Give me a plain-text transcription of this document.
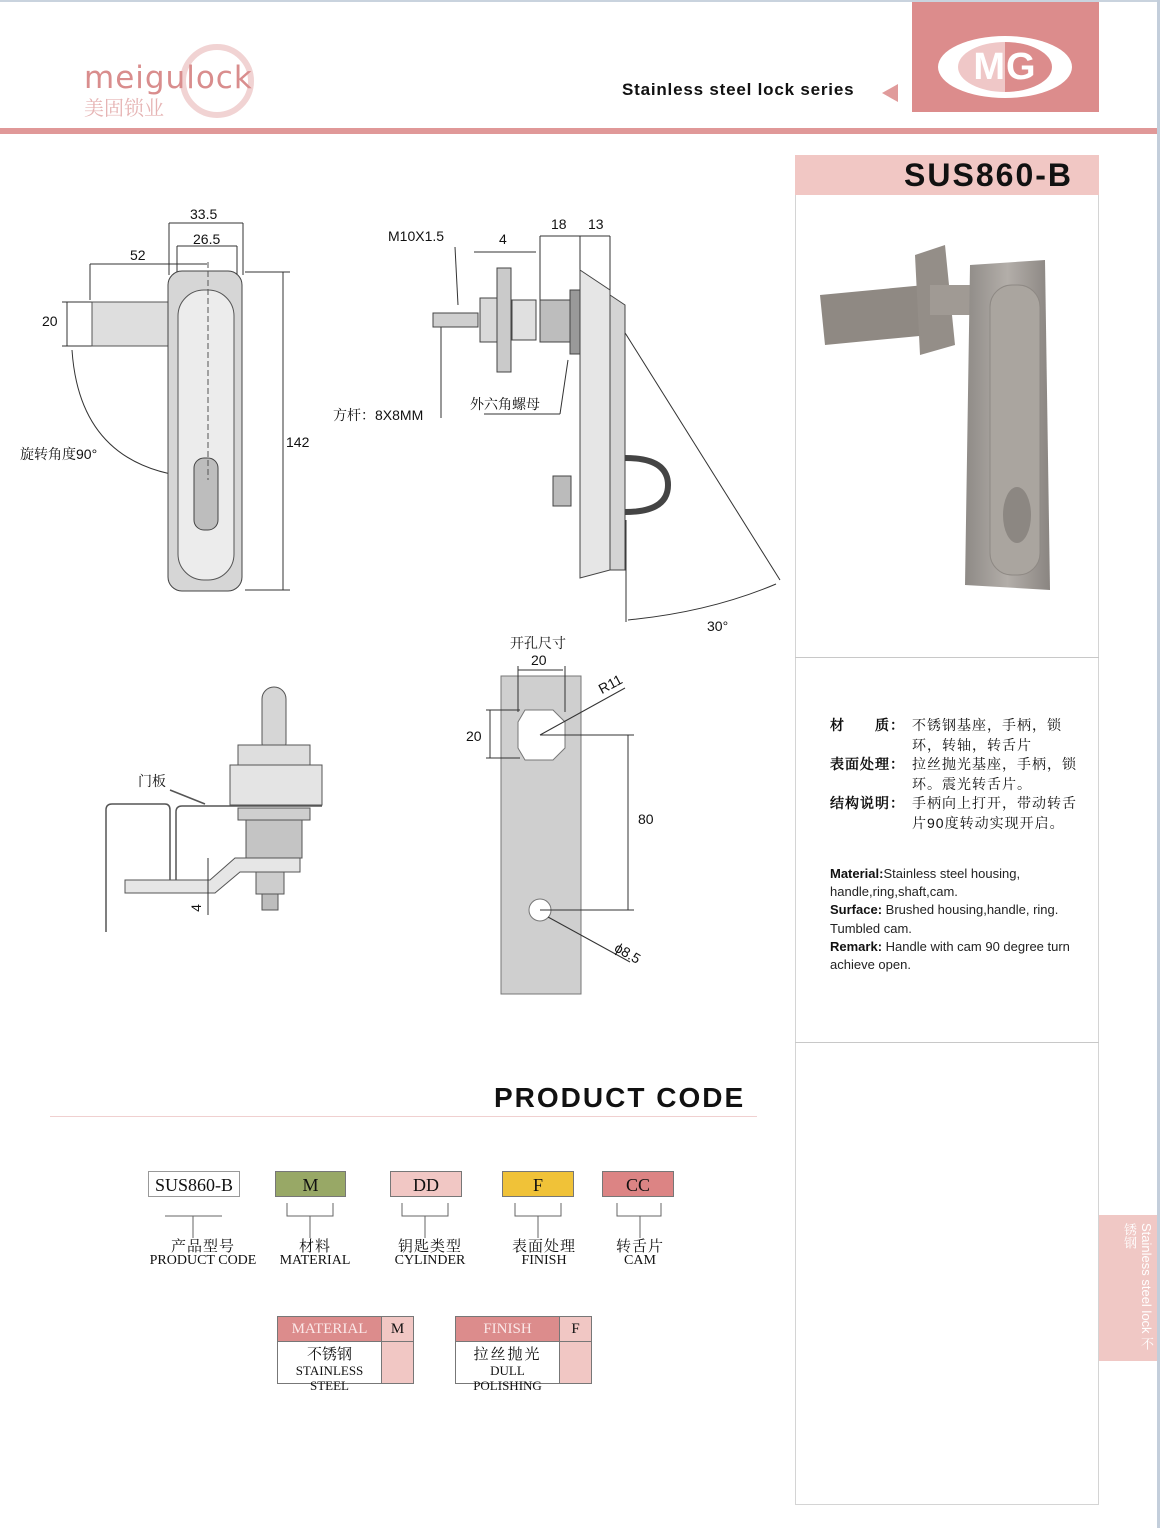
meigulock
美固锁业
Stainless steel lock series
MG
SUS860-B
材　　质： 不锈钢基座，手柄，锁环，转轴，转舌片
表面处理： 拉丝抛光基座，手柄，锁环。震光转舌片。
结构说明： 手柄向上打开，带动转舌片90度转动实现开启。
Material:Stainless steel housing, handle,ring,shaft,cam.
Surface: Brushed housing,handle, ring. Tumbled cam.
Remark: Handle with cam 90 degree turn achieve open.
Stainless steel lock 不锈钢
33.5
26.5
52
20
142
旋转角度90°
M10X1.5	4
18 13
方杆：8X8MM
外六角螺母
30°
门板
4
开孔尺寸
20
20
R11
80
ϕ8.5
PRODUCT CODE
SUS860-B	M	DD	F	CC
产品型号
PRODUCT CODE
材料
MATERIAL
钥匙类型
CYLINDER
表面处理
FINISH
转舌片
CAM
MATERIAL	M
不锈钢
STAINLESS STEEL
FINISH	F
拉丝抛光
DULL POLISHING
